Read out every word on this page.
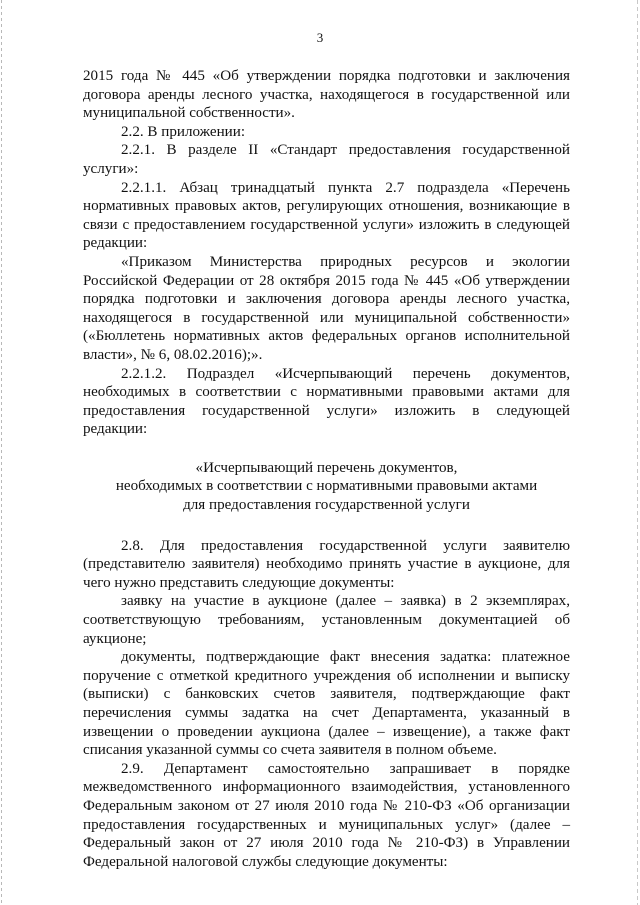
3

2015 года № 445 «Об утверждении порядка подготовки и заключения договора аренды лесного участка, находящегося в государственной или муниципальной собственности».

2.2. В приложении:

2.2.1. В разделе II «Стандарт предоставления государственной услуги»:

2.2.1.1. Абзац тринадцатый пункта 2.7 подраздела «Перечень нормативных правовых актов, регулирующих отношения, возникающие в связи с предоставлением государственной услуги» изложить в следующей редакции:

«Приказом Министерства природных ресурсов и экологии Российской Федерации от 28 октября 2015 года № 445 «Об утверждении порядка подготовки и заключения договора аренды лесного участка, находящегося в государственной или муниципальной собственности» («Бюллетень нормативных актов федеральных органов исполнительной власти», № 6, 08.02.2016);».

2.2.1.2. Подраздел «Исчерпывающий перечень документов, необходимых в соответствии с нормативными правовыми актами для предоставления государственной услуги» изложить в следующей редакции:

«Исчерпывающий перечень документов,
необходимых в соответствии с нормативными правовыми актами
для предоставления государственной услуги

2.8. Для предоставления государственной услуги заявителю (представителю заявителя) необходимо принять участие в аукционе, для чего нужно представить следующие документы:

заявку на участие в аукционе (далее – заявка) в 2 экземплярах, соответствующую требованиям, установленным документацией об аукционе;

документы, подтверждающие факт внесения задатка: платежное поручение с отметкой кредитного учреждения об исполнении и выписку (выписки) с банковских счетов заявителя, подтверждающие факт перечисления суммы задатка на счет Департамента, указанный в извещении о проведении аукциона (далее – извещение), а также факт списания указанной суммы со счета заявителя в полном объеме.

2.9. Департамент самостоятельно запрашивает в порядке межведомственного информационного взаимодействия, установленного Федеральным законом от 27 июля 2010 года № 210-ФЗ «Об организации предоставления государственных и муниципальных услуг» (далее – Федеральный закон от 27 июля 2010 года № 210-ФЗ) в Управлении Федеральной налоговой службы следующие документы:
